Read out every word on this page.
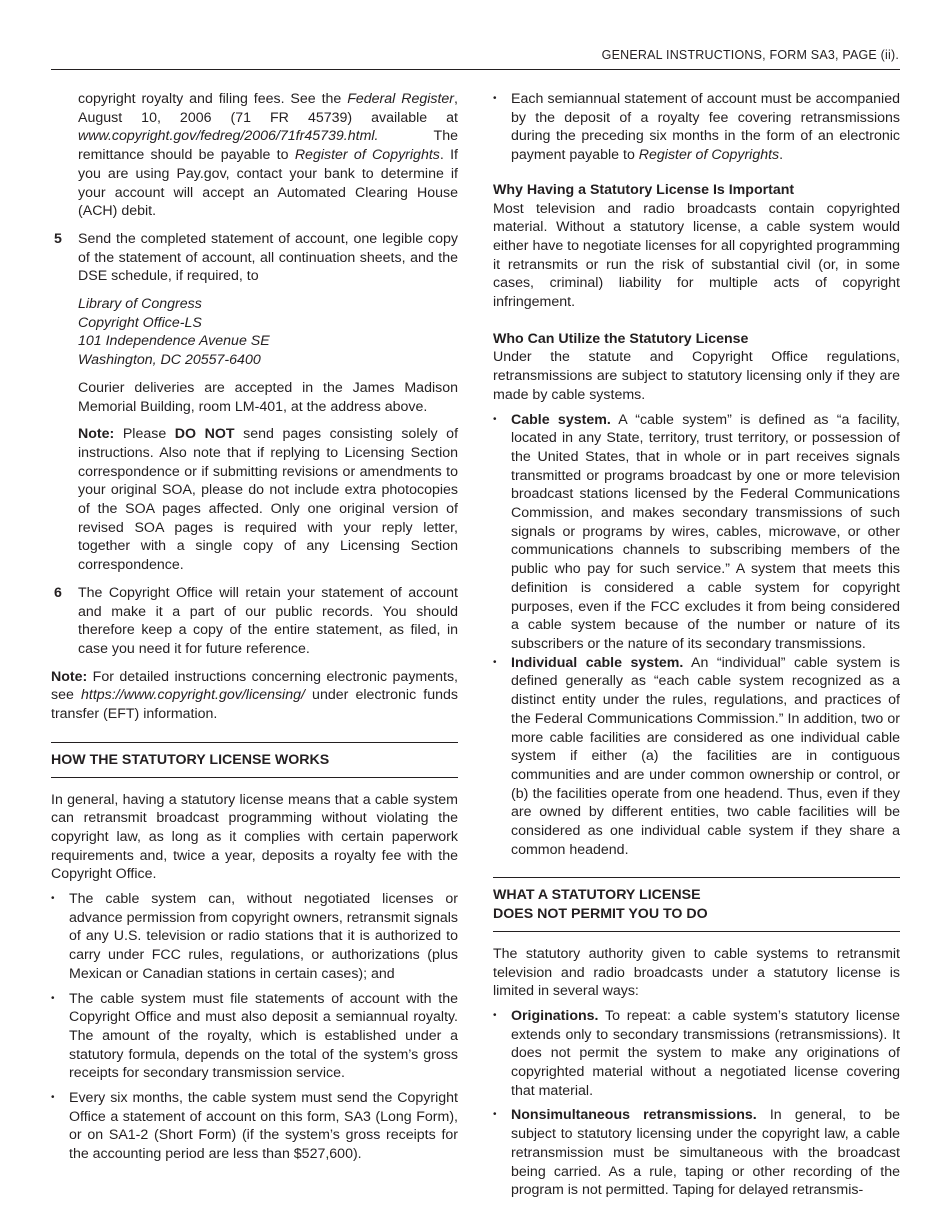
GENERAL INSTRUCTIONS, FORM SA3, PAGE (ii).

copyright royalty and filing fees. See the Federal Register, August 10, 2006 (71 FR 45739) available at www.copyright.gov/fedreg/2006/71fr45739.html. The remittance should be payable to Register of Copyrights. If you are using Pay.gov, contact your bank to determine if your account will accept an Automated Clearing House (ACH) debit.

5	Send the completed statement of account, one legible copy of the statement of account, all continuation sheets, and the DSE schedule, if required, to

Library of Congress
Copyright Office-LS
101 Independence Avenue SE
Washington, DC 20557-6400

Courier deliveries are accepted in the James Madison Memorial Building, room LM-401, at the address above.

Note: Please DO NOT send pages consisting solely of instructions. Also note that if replying to Licensing Section correspondence or if submitting revisions or amendments to your original SOA, please do not include extra photocopies of the SOA pages affected. Only one original version of revised SOA pages is required with your reply letter, together with a single copy of any Licensing Section correspondence.

6	The Copyright Office will retain your statement of account and make it a part of our public records. You should therefore keep a copy of the entire statement, as filed, in case you need it for future reference.

Note: For detailed instructions concerning electronic payments, see https://www.copyright.gov/licensing/ under electronic funds transfer (EFT) information.

HOW THE STATUTORY LICENSE WORKS

In general, having a statutory license means that a cable system can retransmit broadcast programming without violating the copyright law, as long as it complies with certain paperwork requirements and, twice a year, deposits a royalty fee with the Copyright Office.

•	The cable system can, without negotiated licenses or advance permission from copyright owners, retransmit signals of any U.S. television or radio stations that it is authorized to carry under FCC rules, regulations, or authorizations (plus Mexican or Canadian stations in certain cases); and
•	The cable system must file statements of account with the Copyright Office and must also deposit a semiannual royalty. The amount of the royalty, which is established under a statutory formula, depends on the total of the system’s gross receipts for secondary transmission service.
•	Every six months, the cable system must send the Copyright Office a statement of account on this form, SA3 (Long Form), or on SA1-2 (Short Form) (if the system’s gross receipts for the accounting period are less than $527,600).
•	Each semiannual statement of account must be accompanied by the deposit of a royalty fee covering retransmissions during the preceding six months in the form of an electronic payment payable to Register of Copyrights.

Why Having a Statutory License Is Important

Most television and radio broadcasts contain copyrighted material. Without a statutory license, a cable system would either have to negotiate licenses for all copyrighted programming it retransmits or run the risk of substantial civil (or, in some cases, criminal) liability for multiple acts of copyright infringement.

Who Can Utilize the Statutory License

Under the statute and Copyright Office regulations, retransmissions are subject to statutory licensing only if they are made by cable systems.

•	Cable system. A “cable system” is defined as “a facility, located in any State, territory, trust territory, or possession of the United States, that in whole or in part receives signals transmitted or programs broadcast by one or more television broadcast stations licensed by the Federal Communications Commission, and makes secondary transmissions of such signals or programs by wires, cables, microwave, or other communications channels to subscribing members of the public who pay for such service.” A system that meets this definition is considered a cable system for copyright purposes, even if the FCC excludes it from being considered a cable system because of the number or nature of its subscribers or the nature of its secondary transmissions.
•	Individual cable system. An “individual” cable system is defined generally as “each cable system recognized as a distinct entity under the rules, regulations, and practices of the Federal Communications Commission.” In addition, two or more cable facilities are considered as one individual cable system if either (a) the facilities are in contiguous communities and are under common ownership or control, or (b) the facilities operate from one headend. Thus, even if they are owned by different entities, two cable facilities will be considered as one individual cable system if they share a common headend.
WHAT A STATUTORY LICENSE
DOES NOT PERMIT YOU TO DO

The statutory authority given to cable systems to retransmit television and radio broadcasts under a statutory license is limited in several ways:

•	Originations. To repeat: a cable system’s statutory license extends only to secondary transmissions (retransmissions). It does not permit the system to make any originations of copyrighted material without a negotiated license covering that material.
•	Nonsimultaneous retransmissions. In general, to be subject to statutory licensing under the copyright law, a cable retransmission must be simultaneous with the broadcast being carried. As a rule, taping or other recording of the program is not permitted. Taping for delayed retransmis-
